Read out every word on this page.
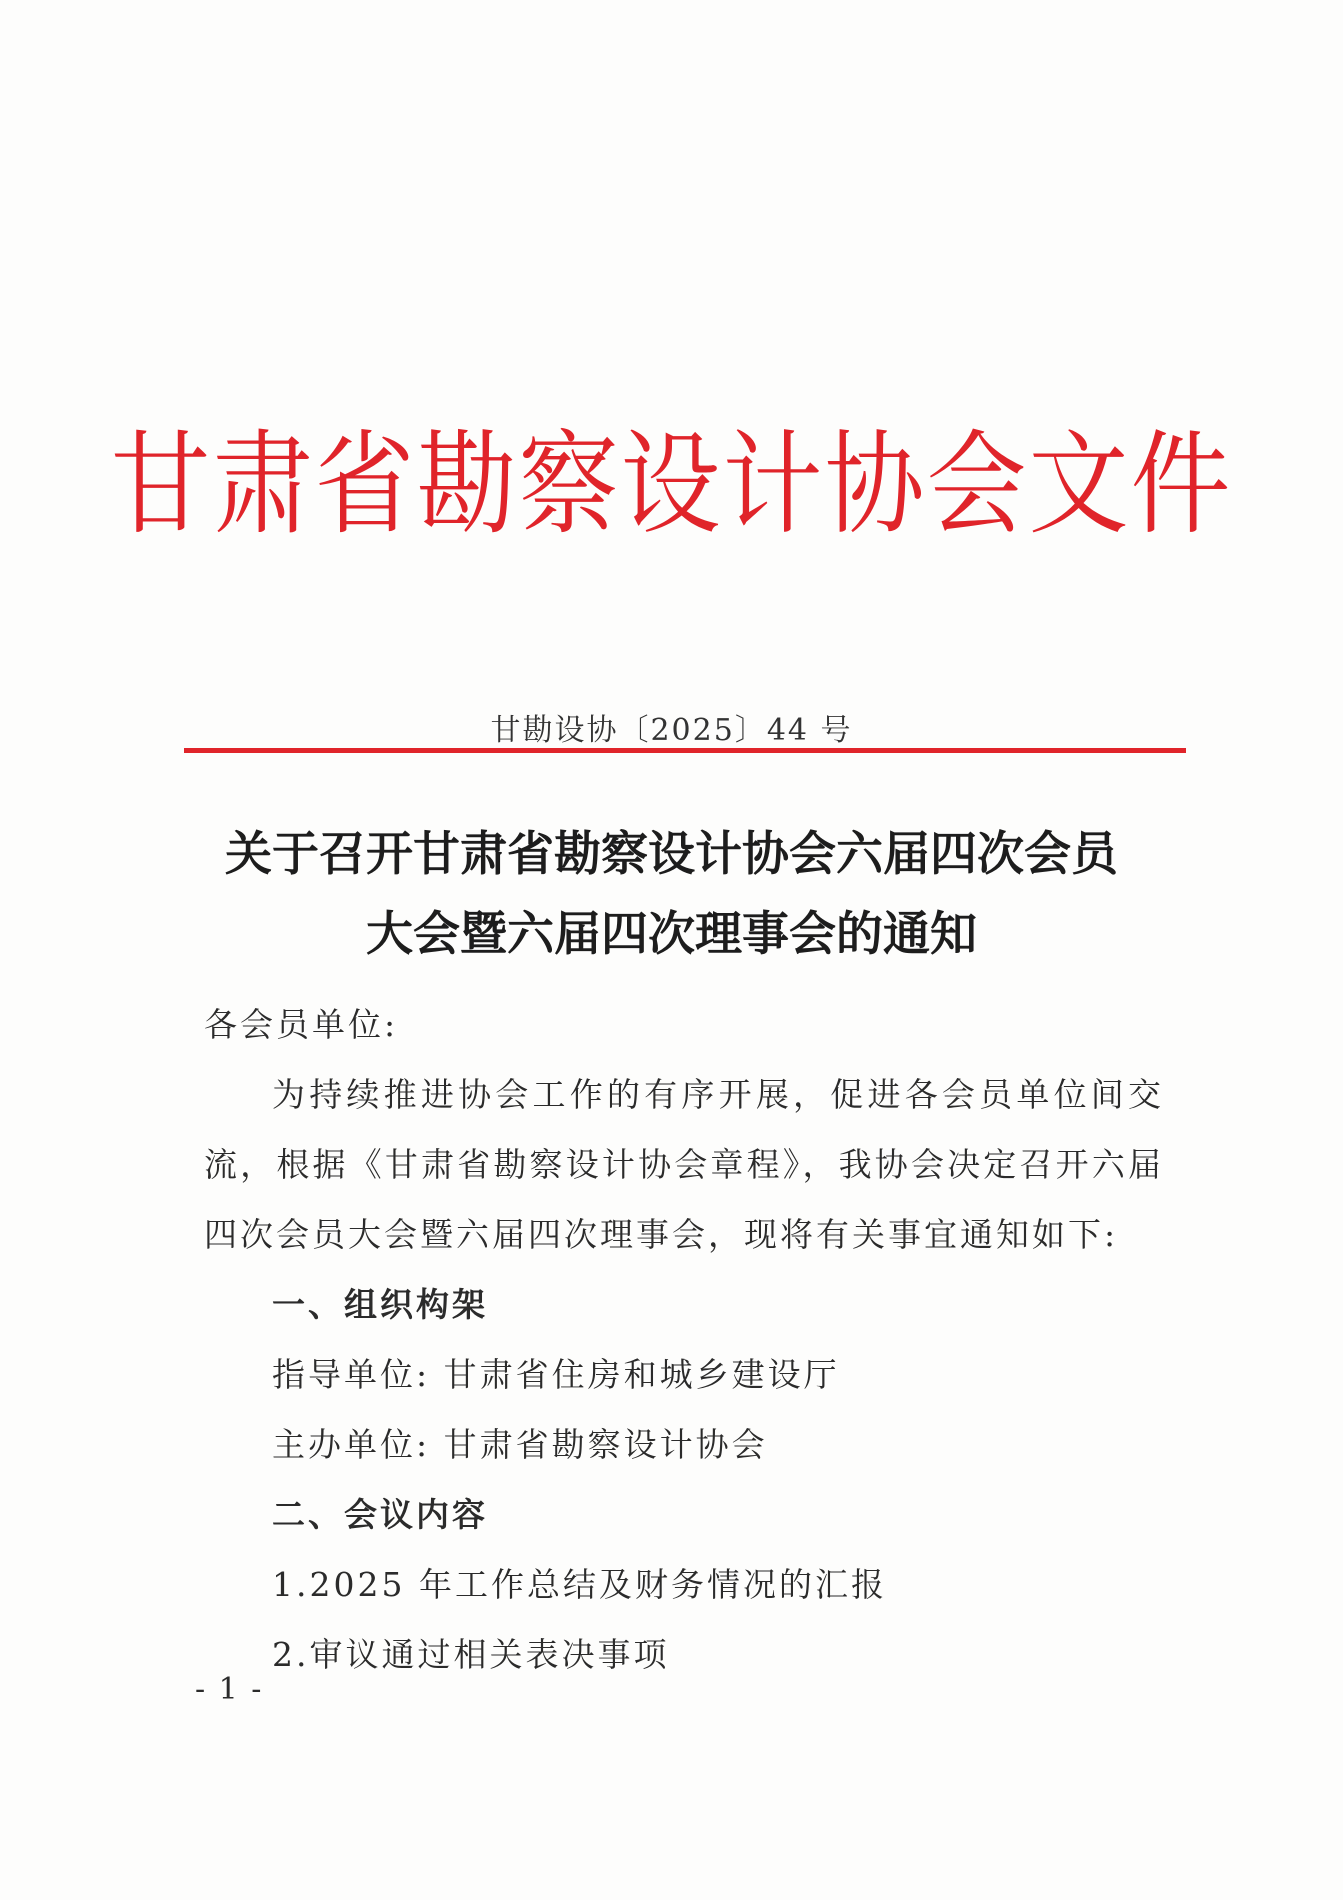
甘肃省勘察设计协会文件
甘勘设协〔2025〕44 号
关于召开甘肃省勘察设计协会六届四次会员
大会暨六届四次理事会的通知

各会员单位:

为持续推进协会工作的有序开展，促进各会员单位间交流，根据《甘肃省勘察设计协会章程》，我协会决定召开六届四次会员大会暨六届四次理事会，现将有关事宜通知如下:

一、组织构架

指导单位: 甘肃省住房和城乡建设厅

主办单位: 甘肃省勘察设计协会

二、会议内容

1.2025 年工作总结及财务情况的汇报

2.审议通过相关表决事项

- 1 -
